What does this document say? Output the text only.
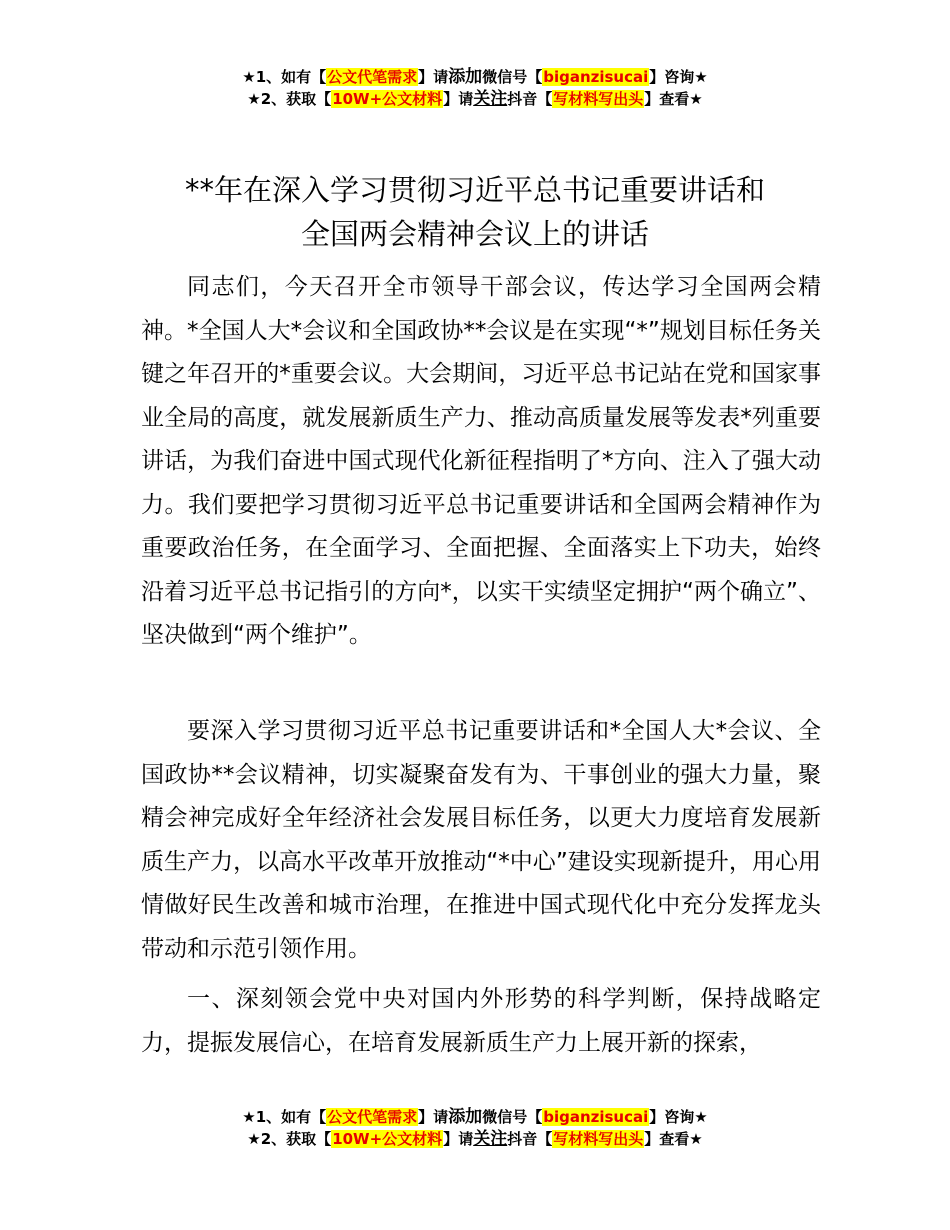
★1、如有【公文代笔需求】请添加微信号【biganzisucai】咨询★
★2、获取【10W+公文材料】请关注抖音【写材料写出头】查看★
**年在深入学习贯彻习近平总书记重要讲话和
全国两会精神会议上的讲话

同志们，今天召开全市领导干部会议，传达学习全国两会精神。*全国人大*会议和全国政协**会议是在实现“*”规划目标任务关键之年召开的*重要会议。大会期间，习近平总书记站在党和国家事业全局的高度，就发展新质生产力、推动高质量发展等发表*列重要讲话，为我们奋进中国式现代化新征程指明了*方向、注入了强大动力。我们要把学习贯彻习近平总书记重要讲话和全国两会精神作为重要政治任务，在全面学习、全面把握、全面落实上下功夫，始终沿着习近平总书记指引的方向*，以实干实绩坚定拥护“两个确立”、坚决做到“两个维护”。

要深入学习贯彻习近平总书记重要讲话和*全国人大*会议、全国政协**会议精神，切实凝聚奋发有为、干事创业的强大力量，聚精会神完成好全年经济社会发展目标任务，以更大力度培育发展新质生产力，以高水平改革开放推动“*中心”建设实现新提升，用心用情做好民生改善和城市治理，在推进中国式现代化中充分发挥龙头带动和示范引领作用。

一、深刻领会党中央对国内外形势的科学判断，保持战略定力，提振发展信心，在培育发展新质生产力上展开新的探索，

★1、如有【公文代笔需求】请添加微信号【biganzisucai】咨询★
★2、获取【10W+公文材料】请关注抖音【写材料写出头】查看★
